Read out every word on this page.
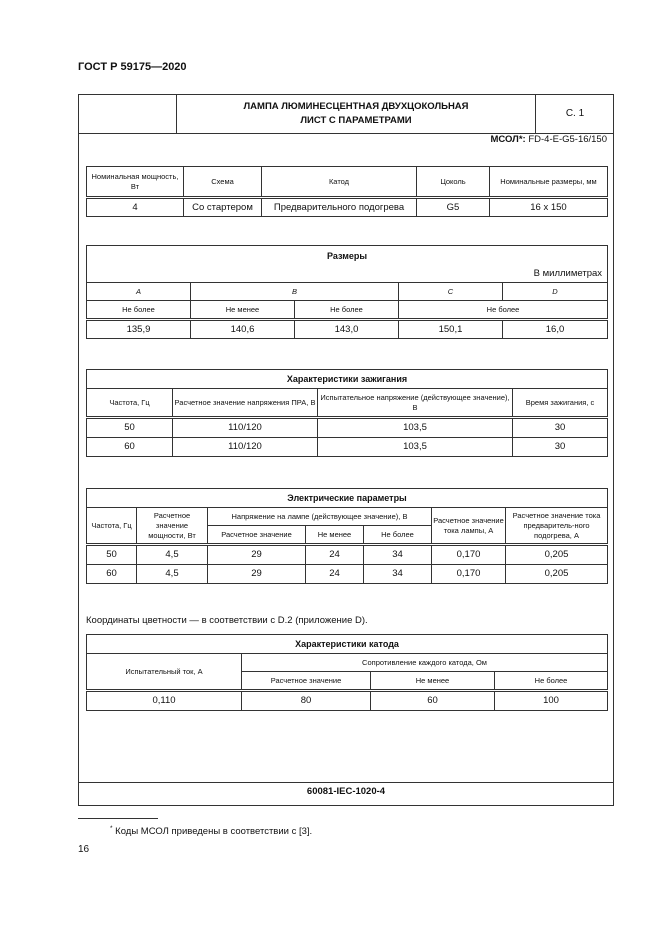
ГОСТ Р 59175—2020
ЛАМПА ЛЮМИНЕСЦЕНТНАЯ ДВУХЦОКОЛЬНАЯ
ЛИСТ С ПАРАМЕТРАМИ
С. 1
МСОЛ*: FD-4-E-G5-16/150
Номинальная мощность, Вт	Схема	Катод	Цоколь	Номинальные размеры, мм

4	Со стартером	Предварительного подогрева	G5	16 x 150
Размеры				
В миллиметрах				
A	B		C	D
Не более	Не менее	Не более	Не более	

135,9	140,6	143,0	150,1	16,0
Характеристики зажигания			
Частота, Гц	Расчетное значение напряжения ПРА, В	Испытательное напряжение (действующее значение), В	Время зажигания, с

50	110/120	103,5	30
60	110/120	103,5	30
Электрические параметры						
Частота, Гц	Расчетное значение мощности, Вт	Напряжение на лампе (действующее значение), В			Расчетное значение тока лампы, А	Расчетное значение тока предваритель-ного подогрева, А
		Расчетное значение	Не менее	Не более		

50	4,5	29	24	34	0,170	0,205
60	4,5	29	24	34	0,170	0,205
Координаты цветности — в соответствии с D.2 (приложение D).
Характеристики катода			
Испытательный ток, А	Сопротивление каждого катода, Ом		
	Расчетное значение	Не менее	Не более

0,110	80	60	100
60081-IEC-1020-4
* Коды МСОЛ приведены в соответствии с [3].
16
